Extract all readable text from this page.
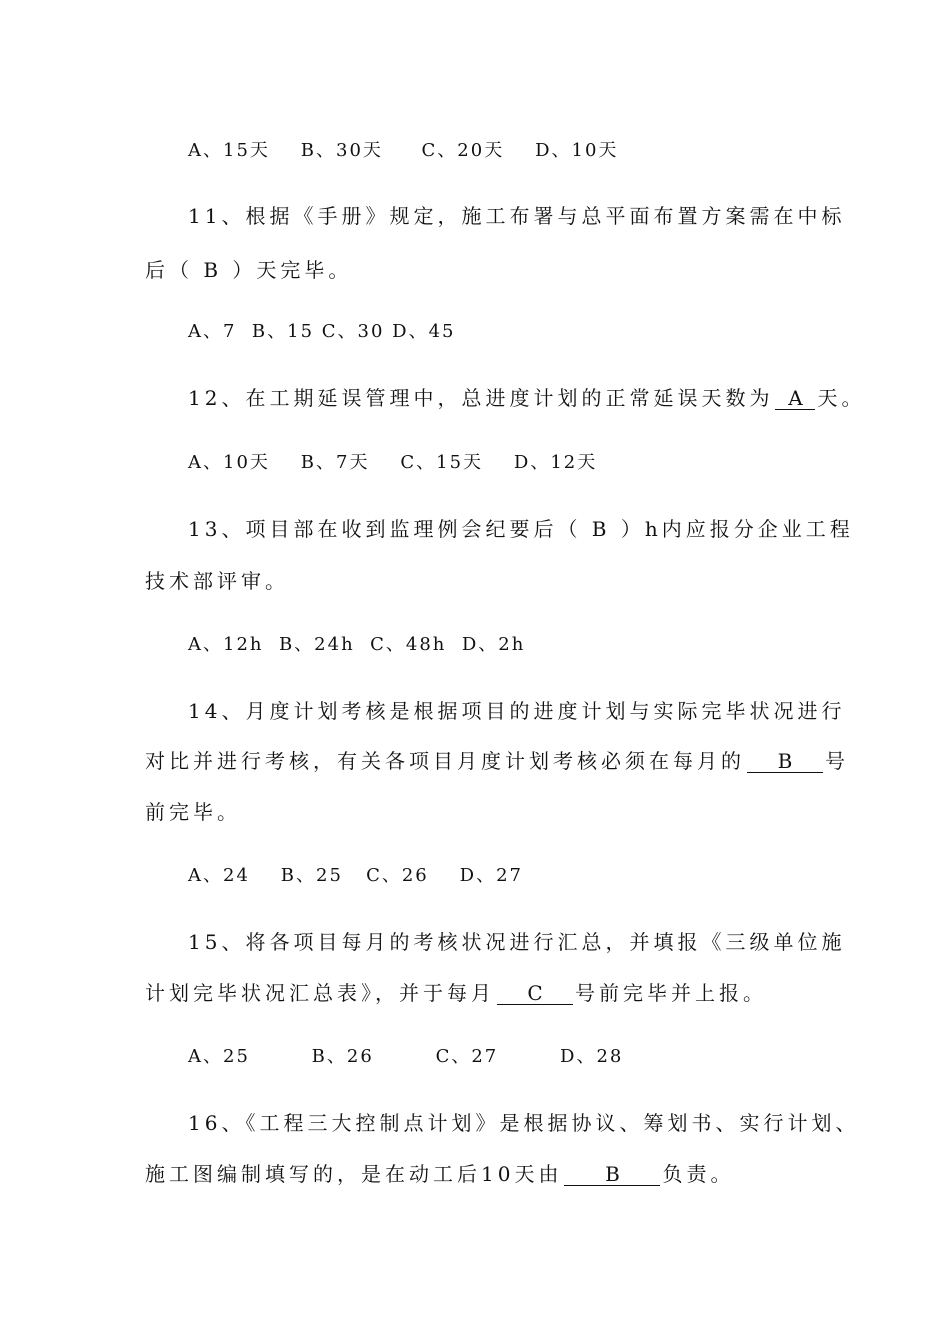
A、15天    B、30天     C、20天    D、10天
11、根据《手册》规定，施工布署与总平面布置方案需在中标
后（ B ）天完毕。
A、7  B、15 C、30 D、45
12、在工期延误管理中，总进度计划的正常延误天数为 A 天。
A、10天    B、7天    C、15天    D、12天
13、项目部在收到监理例会纪要后（ B ）h内应报分企业工程
技术部评审。
A、12h  B、24h  C、48h  D、2h
14、月度计划考核是根据项目的进度计划与实际完毕状况进行
对比并进行考核，有关各项目月度计划考核必须在每月的 B 号
前完毕。
A、24    B、25   C、26    D、27
15、将各项目每月的考核状况进行汇总，并填报《三级单位施
计划完毕状况汇总表》，并于每月 C 号前完毕并上报。
A、25        B、26        C、27        D、28
16、《工程三大控制点计划》是根据协议、筹划书、实行计划、
施工图编制填写的，是在动工后10天由 B 负责。
